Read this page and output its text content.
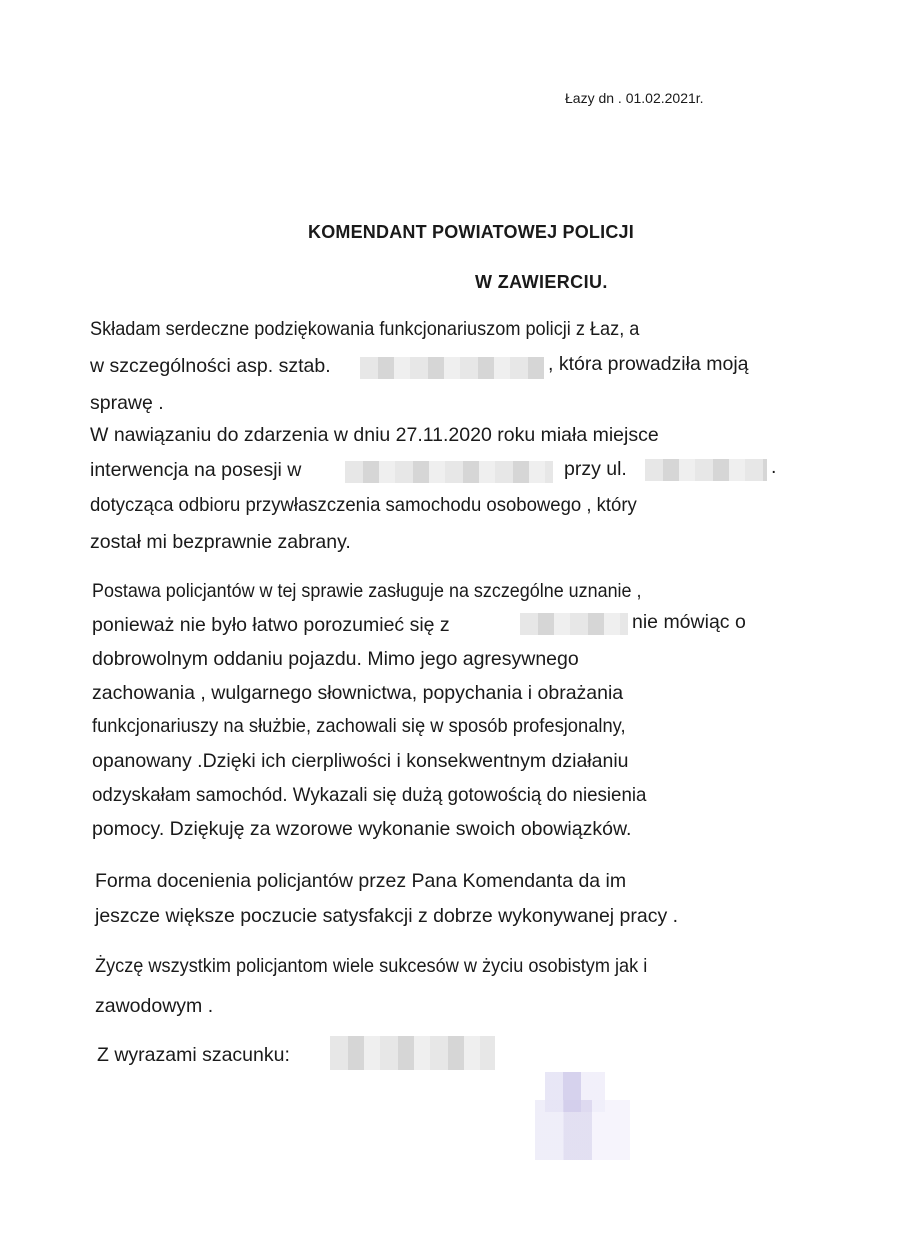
Łazy dn . 01.02.2021r.
KOMENDANT POWIATOWEJ POLICJI
W ZAWIERCIU.
Składam serdeczne podziękowania funkcjonariuszom policji z Łaz, a
w szczególności asp. sztab.	, która prowadziła moją
sprawę .
W nawiązaniu do zdarzenia w dniu 27.11.2020 roku miała miejsce
interwencja na posesji w	przy ul.	.
dotycząca odbioru przywłaszczenia samochodu osobowego , który
został mi bezprawnie zabrany.
Postawa policjantów w tej sprawie zasługuje na szczególne uznanie ,
ponieważ nie było łatwo porozumieć się z	nie mówiąc o
dobrowolnym oddaniu pojazdu. Mimo jego agresywnego
zachowania , wulgarnego słownictwa, popychania i obrażania
funkcjonariuszy na służbie, zachowali się w sposób profesjonalny,
opanowany .Dzięki ich cierpliwości i konsekwentnym działaniu
odzyskałam samochód. Wykazali się dużą gotowością do niesienia
pomocy. Dziękuję za wzorowe wykonanie swoich obowiązków.
Forma docenienia policjantów przez Pana Komendanta da im
jeszcze większe poczucie satysfakcji z dobrze wykonywanej pracy .
Życzę wszystkim policjantom wiele sukcesów w życiu osobistym jak i
zawodowym .
Z wyrazami szacunku:
